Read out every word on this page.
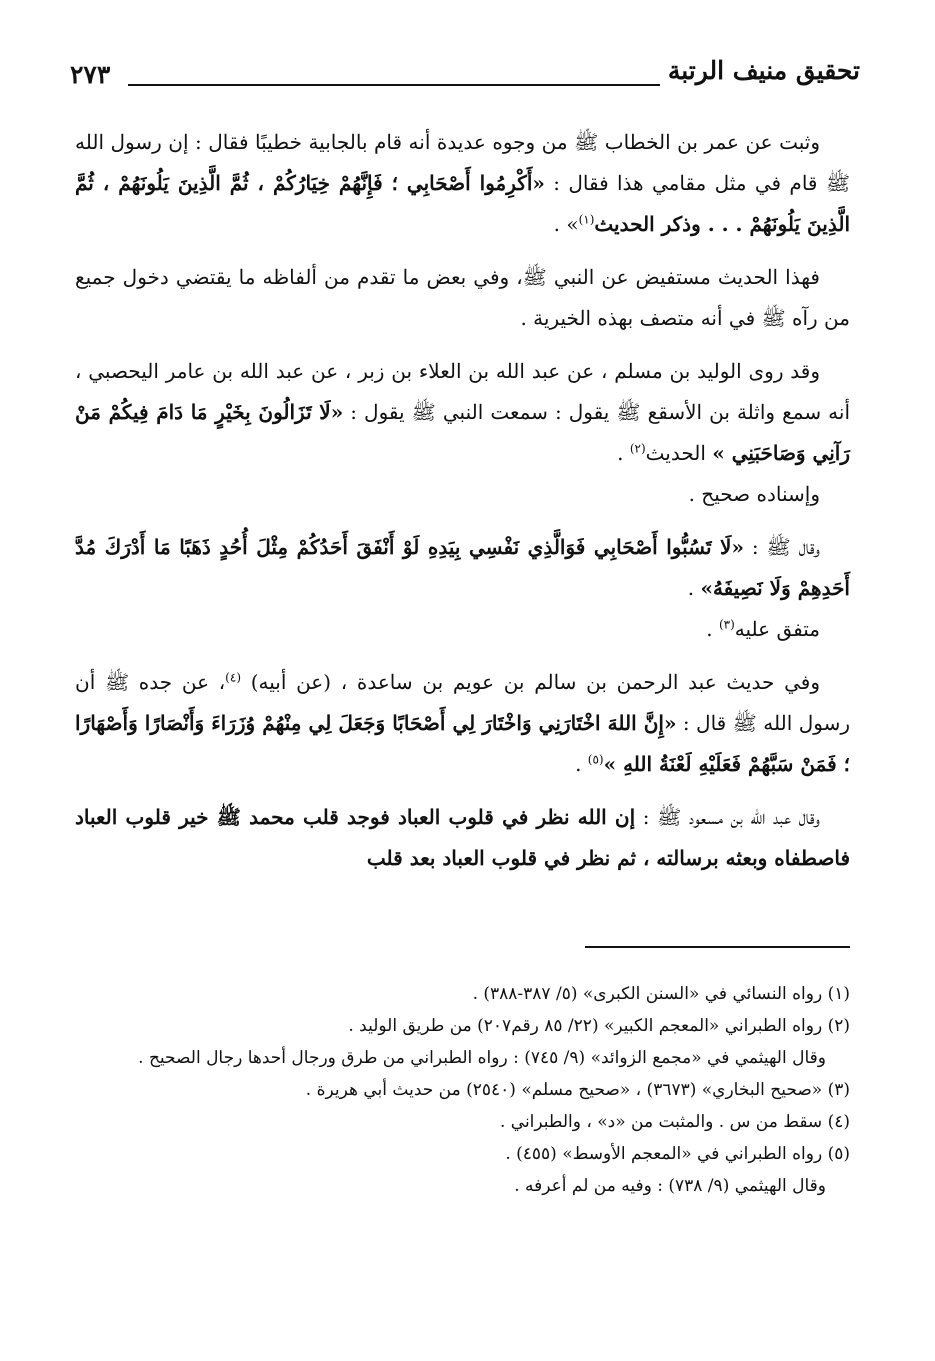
تحقيق منيف الرتبة
٢٧٣

وثبت عن عمر بن الخطاب ﷺ من وجوه عديدة أنه قام بالجابية خطيبًا فقال : إن رسول الله ﷺ قام في مثل مقامي هذا فقال : «أَكْرِمُوا أَصْحَابِي ؛ فَإِنَّهُمْ خِيَارُكُمْ ، ثُمَّ الَّذِينَ يَلُونَهُمْ ، ثُمَّ الَّذِينَ يَلُونَهُمْ . . . وذكر الحديث$^{(١)}$» .

فهذا الحديث مستفيض عن النبي ﷺ، وفي بعض ما تقدم من ألفاظه ما يقتضي دخول جميع من رآه ﷺ في أنه متصف بهذه الخيرية .

وقد روى الوليد بن مسلم ، عن عبد الله بن العلاء بن زبر ، عن عبد الله بن عامر اليحصبي ، أنه سمع واثلة بن الأسقع ﷺ يقول : سمعت النبي ﷺ يقول : «لَا تَزَالُونَ بِخَيْرٍ مَا دَامَ فِيكُمْ مَنْ رَآنِي وَصَاحَبَنِي » الحديث$^{(٢)}$ .

وإسناده صحيح .

وقال ﷺ : «لَا تَسُبُّوا أَصْحَابِي فَوَالَّذِي نَفْسِي بِيَدِهِ لَوْ أَنْفَقَ أَحَدُكُمْ مِثْلَ أُحُدٍ ذَهَبًا مَا أَدْرَكَ مُدَّ أَحَدِهِمْ وَلَا نَصِيفَهُ» .

متفق عليه$^{(٣)}$ .

وفي حديث عبد الرحمن بن سالم بن عويم بن ساعدة ، (عن أبيه) $^{(٤)}$، عن جده ﷺ أن رسول الله ﷺ قال : «إِنَّ اللهَ اخْتَارَنِي وَاخْتَارَ لِي أَصْحَابًا وَجَعَلَ لِي مِنْهُمْ وُزَرَاءَ وَأَنْصَارًا وَأَصْهَارًا ؛ فَمَنْ سَبَّهُمْ فَعَلَيْهِ لَعْنَةُ اللهِ »$^{(٥)}$ .

وقال عبد الله بن مسعود ﷺ : إن الله نظر في قلوب العباد فوجد قلب محمد ﷺ خير قلوب العباد فاصطفاه وبعثه برسالته ، ثم نظر في قلوب العباد بعد قلب

(١) رواه النسائي في «السنن الكبرى» (٥/ ٣٨٧-٣٨٨) .

(٢) رواه الطبراني «المعجم الكبير» (٢٢/ ٨٥ رقم٢٠٧) من طريق الوليد .

وقال الهيثمي في «مجمع الزوائد» (٩/ ٧٤٥) : رواه الطبراني من طرق ورجال أحدها رجال الصحيح .

(٣) «صحيح البخاري» (٣٦٧٣) ، «صحيح مسلم» (٢٥٤٠) من حديث أبي هريرة .

(٤) سقط من س . والمثبت من «د» ، والطبراني .

(٥) رواه الطبراني في «المعجم الأوسط» (٤٥٥) .

وقال الهيثمي (٩/ ٧٣٨) : وفيه من لم أعرفه .
